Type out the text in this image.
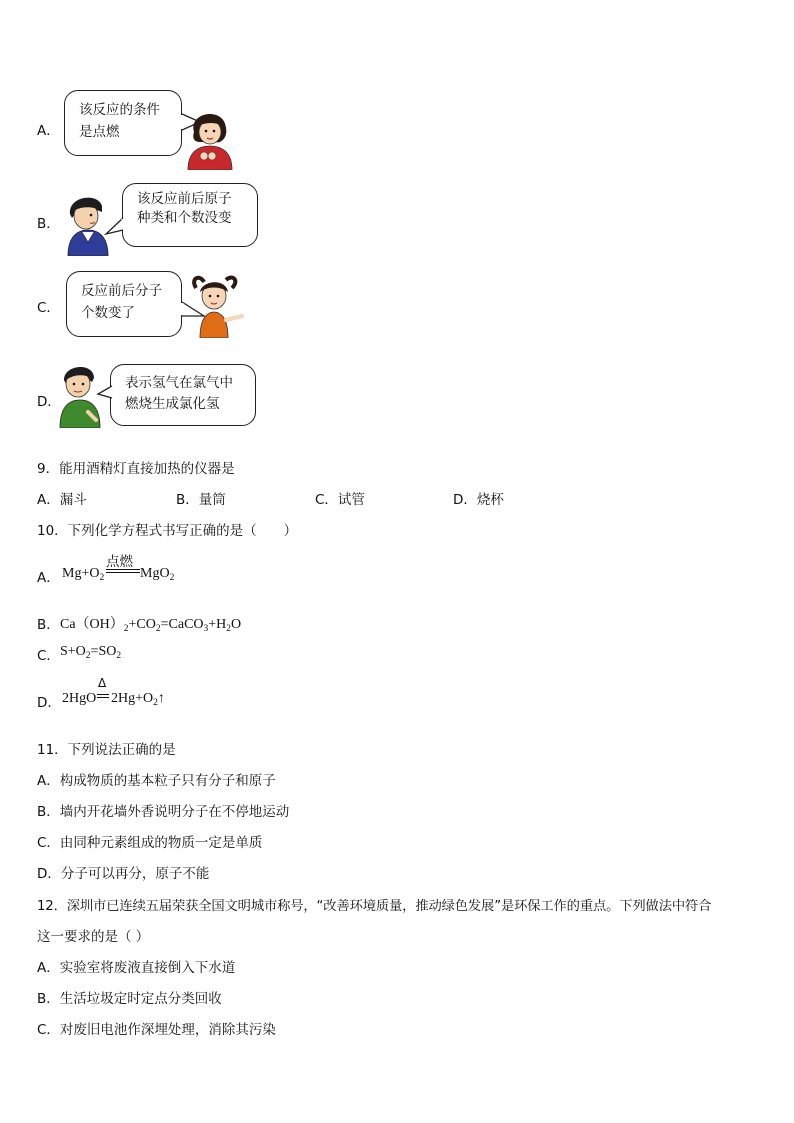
A．
该反应的条件
是点燃
B．
该反应前后原子
种类和个数没变
C．
反应前后分子
个数变了
D．
表示氢气在氯气中
燃烧生成氯化氢
9．能用酒精灯直接加热的仪器是
A．漏斗	B．量筒	C．试管	D．烧杯
10．下列化学方程式书写正确的是（　　）
A． $Mg+O_2$
点燃
MgO$_2$
B． $Ca(OH)_2+CO_2=CaCO_3+H_2O$
C． $S+O_2=SO_2$
D． 2HgO
Δ
$2Hg+O_2↑$
11．下列说法正确的是
A．构成物质的基本粒子只有分子和原子
B．墙内开花墙外香说明分子在不停地运动
C．由同种元素组成的物质一定是单质
D．分子可以再分，原子不能
12．深圳市已连续五届荣获全国文明城市称号，“改善环境质量，推动绿色发展”是环保工作的重点。下列做法中符合
这一要求的是（ ）
A．实验室将废液直接倒入下水道
B．生活垃圾定时定点分类回收
C．对废旧电池作深埋处理，消除其污染
